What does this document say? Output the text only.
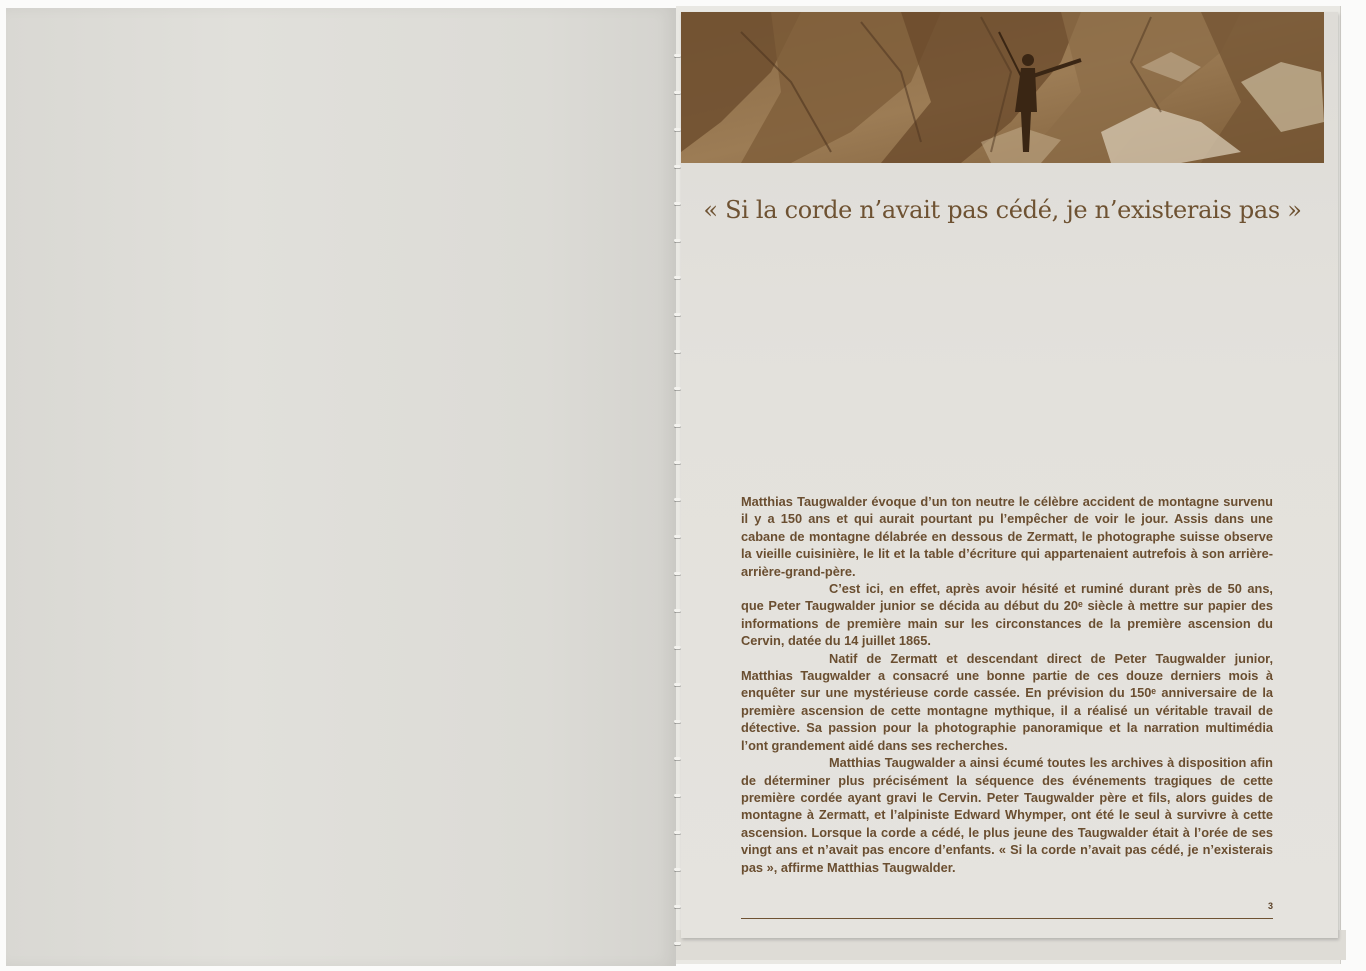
« Si la corde n’avait pas cédé, je n’existerais pas »

Matthias Taugwalder évoque d’un ton neutre le célèbre accident de montagne survenu il y a 150 ans et qui aurait pourtant pu l’empêcher de voir le jour. Assis dans une cabane de montagne délabrée en dessous de Zermatt, le photographe suisse observe la vieille cuisinière, le lit et la table d’écriture qui appartenaient autrefois à son arrière-arrière-grand-père.

C’est ici, en effet, après avoir hésité et ruminé durant près de 50 ans, que Peter Taugwalder junior se décida au début du 20ᵉ siècle à mettre sur papier des informations de première main sur les circonstances de la première ascension du Cervin, datée du 14 juillet 1865.

Natif de Zermatt et descendant direct de Peter Taugwalder junior, Matthias Taugwalder a consacré une bonne partie de ces douze derniers mois à enquêter sur une mystérieuse corde cassée. En prévision du 150ᵉ anniversaire de la première ascension de cette montagne mythique, il a réalisé un véritable travail de détective. Sa passion pour la photographie panoramique et la narration multimédia l’ont grandement aidé dans ses recherches.

Matthias Taugwalder a ainsi écumé toutes les archives à disposition afin de déterminer plus précisément la séquence des événements tragiques de cette première cordée ayant gravi le Cervin. Peter Taugwalder père et fils, alors guides de montagne à Zermatt, et l’alpiniste Edward Whymper, ont été le seul à survivre à cette ascension. Lorsque la corde a cédé, le plus jeune des Taugwalder était à l’orée de ses vingt ans et n’avait pas encore d’enfants. « Si la corde n’avait pas cédé, je n’existerais pas », affirme Matthias Taugwalder.

3
